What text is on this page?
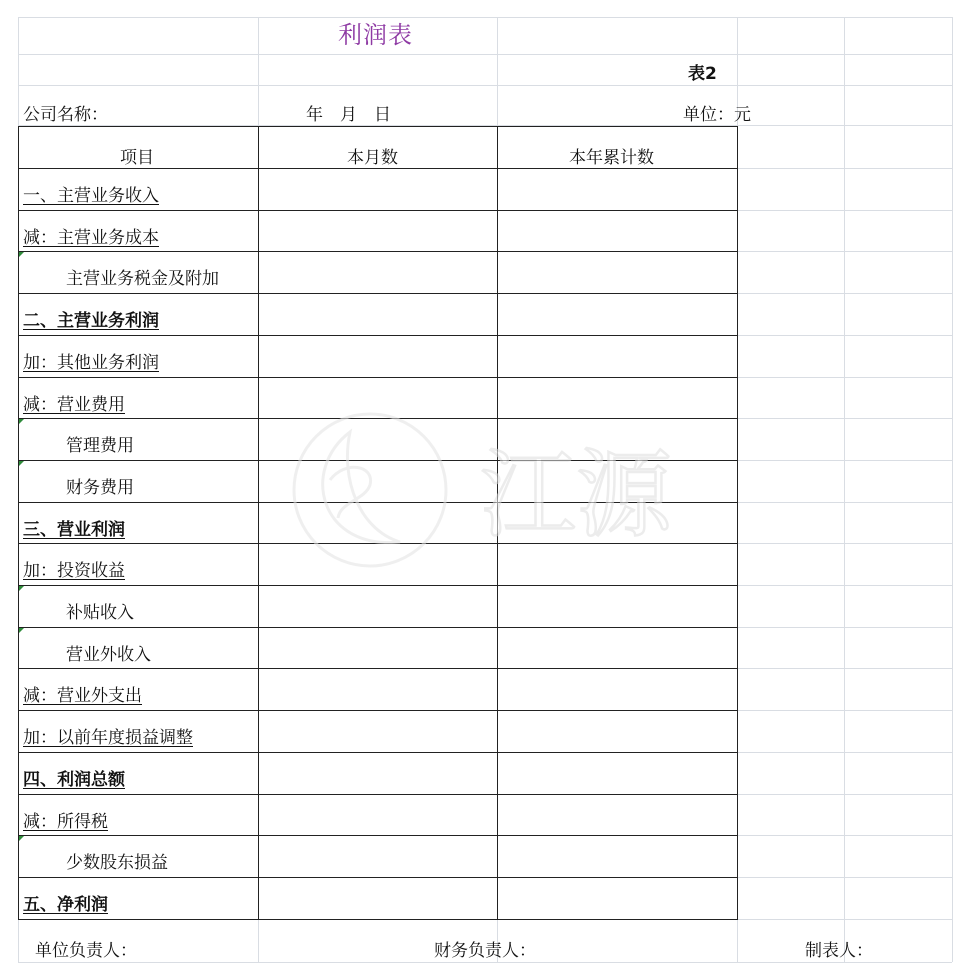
利润表
表2
公司名称：	年　月　日	单位：元
项目	本月数	本年累计数
一、主营业务收入
减：主营业务成本
主营业务税金及附加
二、主营业务利润
加：其他业务利润
减：营业费用
管理费用
财务费用
三、营业利润
加：投资收益
补贴收入
营业外收入
减：营业外支出
加：以前年度损益调整
四、利润总额
减：所得税
少数股东损益
五、净利润
单位负责人：	财务负责人：	制表人：
江源
